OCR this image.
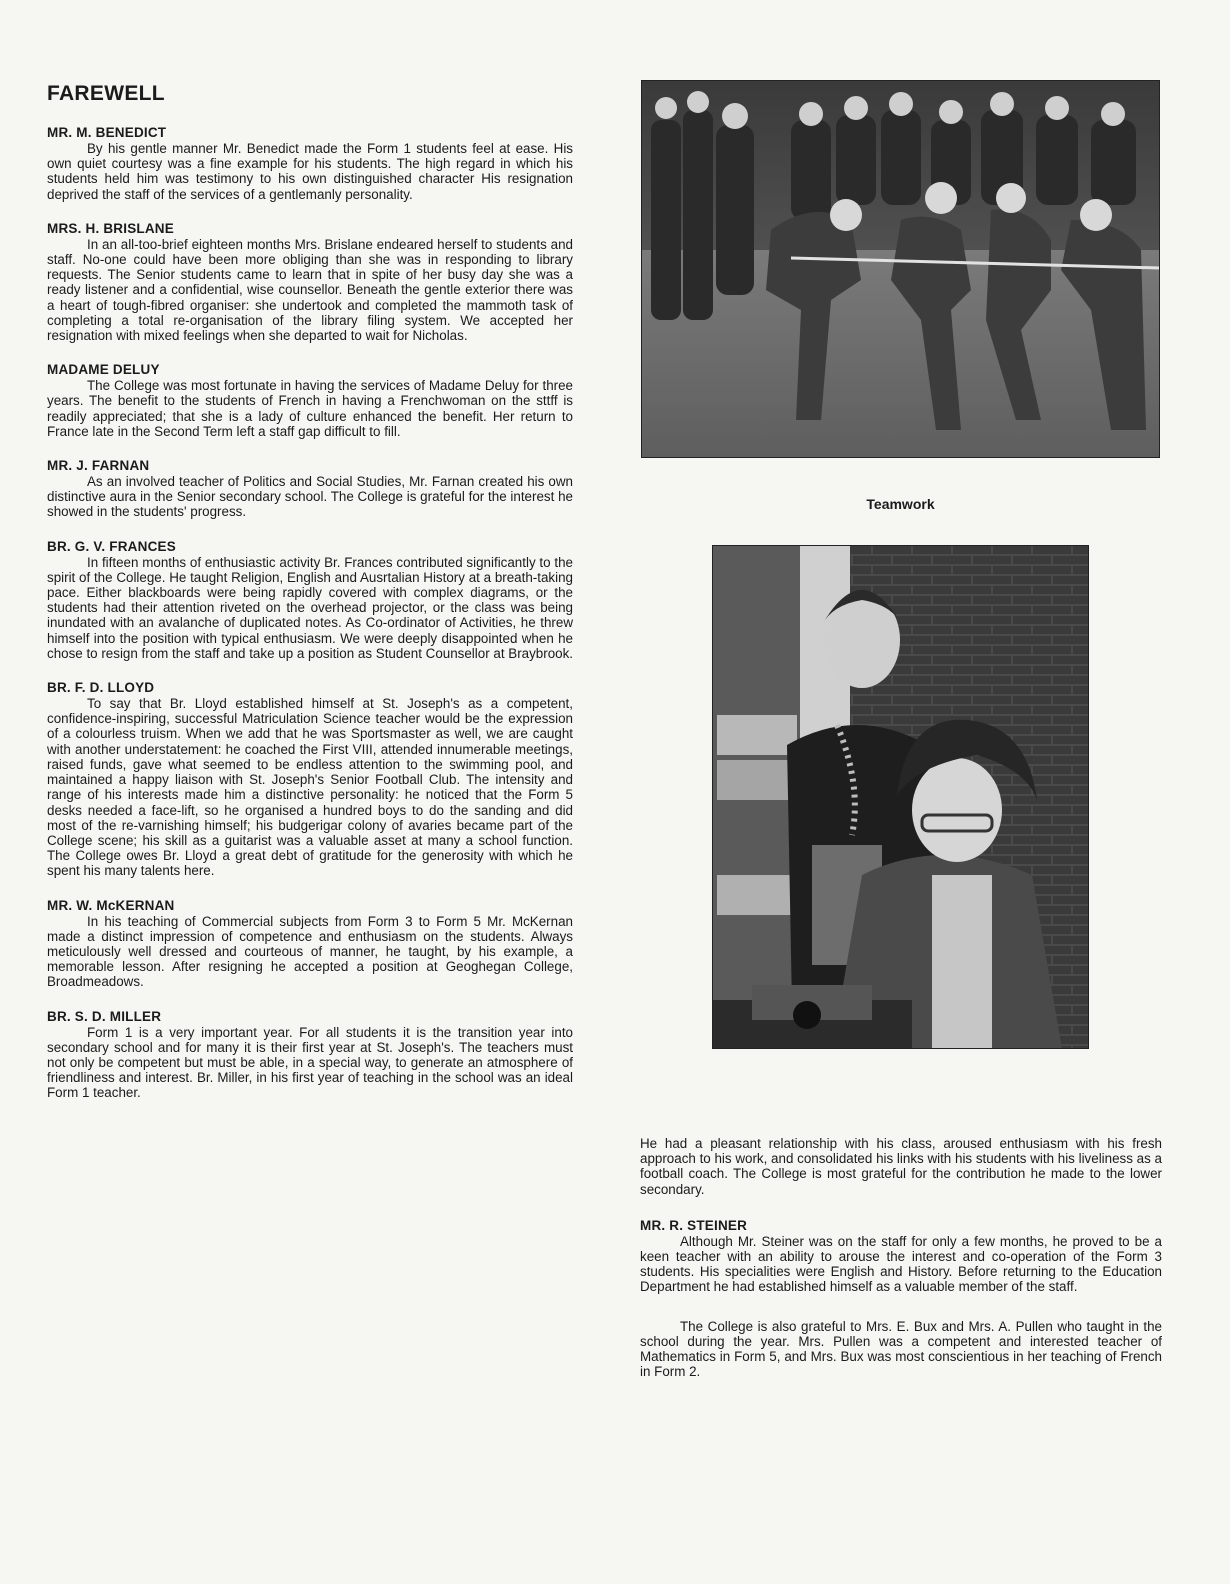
FAREWELL

MR. M. BENEDICT

By his gentle manner Mr. Benedict made the Form 1 students feel at ease. His own quiet courtesy was a fine example for his students. The high regard in which his students held him was testimony to his own distinguished character His resignation deprived the staff of the services of a gentlemanly personality.

MRS. H. BRISLANE

In an all-too-brief eighteen months Mrs. Brislane endeared herself to students and staff. No-one could have been more obliging than she was in responding to library requests. The Senior students came to learn that in spite of her busy day she was a ready listener and a confidential, wise counsellor. Beneath the gentle exterior there was a heart of tough-fibred organiser: she undertook and completed the mammoth task of completing a total re-organisation of the library filing system. We accepted her resignation with mixed feelings when she departed to wait for Nicholas.

MADAME DELUY

The College was most fortunate in having the services of Madame Deluy for three years. The benefit to the students of French in having a Frenchwoman on the sttff is readily appreciated; that she is a lady of culture enhanced the benefit. Her return to France late in the Second Term left a staff gap difficult to fill.

MR. J. FARNAN

As an involved teacher of Politics and Social Studies, Mr. Farnan created his own distinctive aura in the Senior secondary school. The College is grateful for the interest he showed in the students' progress.

BR. G. V. FRANCES

In fifteen months of enthusiastic activity Br. Frances contributed significantly to the spirit of the College. He taught Religion, English and Ausrtalian History at a breath-taking pace. Either blackboards were being rapidly covered with complex diagrams, or the students had their attention riveted on the overhead projector, or the class was being inundated with an avalanche of duplicated notes. As Co-ordinator of Activities, he threw himself into the position with typical enthusiasm. We were deeply disappointed when he chose to resign from the staff and take up a position as Student Counsellor at Braybrook.

BR. F. D. LLOYD

To say that Br. Lloyd established himself at St. Joseph's as a competent, confidence-inspiring, successful Matriculation Science teacher would be the expression of a colourless truism. When we add that he was Sportsmaster as well, we are caught with another understatement: he coached the First VIII, attended innumerable meetings, raised funds, gave what seemed to be endless attention to the swimming pool, and maintained a happy liaison with St. Joseph's Senior Football Club. The intensity and range of his interests made him a distinctive personality: he noticed that the Form 5 desks needed a face-lift, so he organised a hundred boys to do the sanding and did most of the re-varnishing himself; his budgerigar colony of avaries became part of the College scene; his skill as a guitarist was a valuable asset at many a school function. The College owes Br. Lloyd a great debt of gratitude for the generosity with which he spent his many talents here.

MR. W. McKERNAN

In his teaching of Commercial subjects from Form 3 to Form 5 Mr. McKernan made a distinct impression of competence and enthusiasm on the students. Always meticulously well dressed and courteous of manner, he taught, by his example, a memorable lesson. After resigning he accepted a position at Geoghegan College, Broadmeadows.

BR. S. D. MILLER

Form 1 is a very important year. For all students it is the transition year into secondary school and for many it is their first year at St. Joseph's. The teachers must not only be competent but must be able, in a special way, to generate an atmosphere of friendliness and interest. Br. Miller, in his first year of teaching in the school was an ideal Form 1 teacher.

Teamwork

He had a pleasant relationship with his class, aroused enthusiasm with his fresh approach to his work, and consolidated his links with his students with his liveliness as a football coach. The College is most grateful for the contribution he made to the lower secondary.

MR. R. STEINER

Although Mr. Steiner was on the staff for only a few months, he proved to be a keen teacher with an ability to arouse the interest and co-operation of the Form 3 students. His specialities were English and History. Before returning to the Education Department he had established himself as a valuable member of the staff.

The College is also grateful to Mrs. E. Bux and Mrs. A. Pullen who taught in the school during the year. Mrs. Pullen was a competent and interested teacher of Mathematics in Form 5, and Mrs. Bux was most conscientious in her teaching of French in Form 2.
